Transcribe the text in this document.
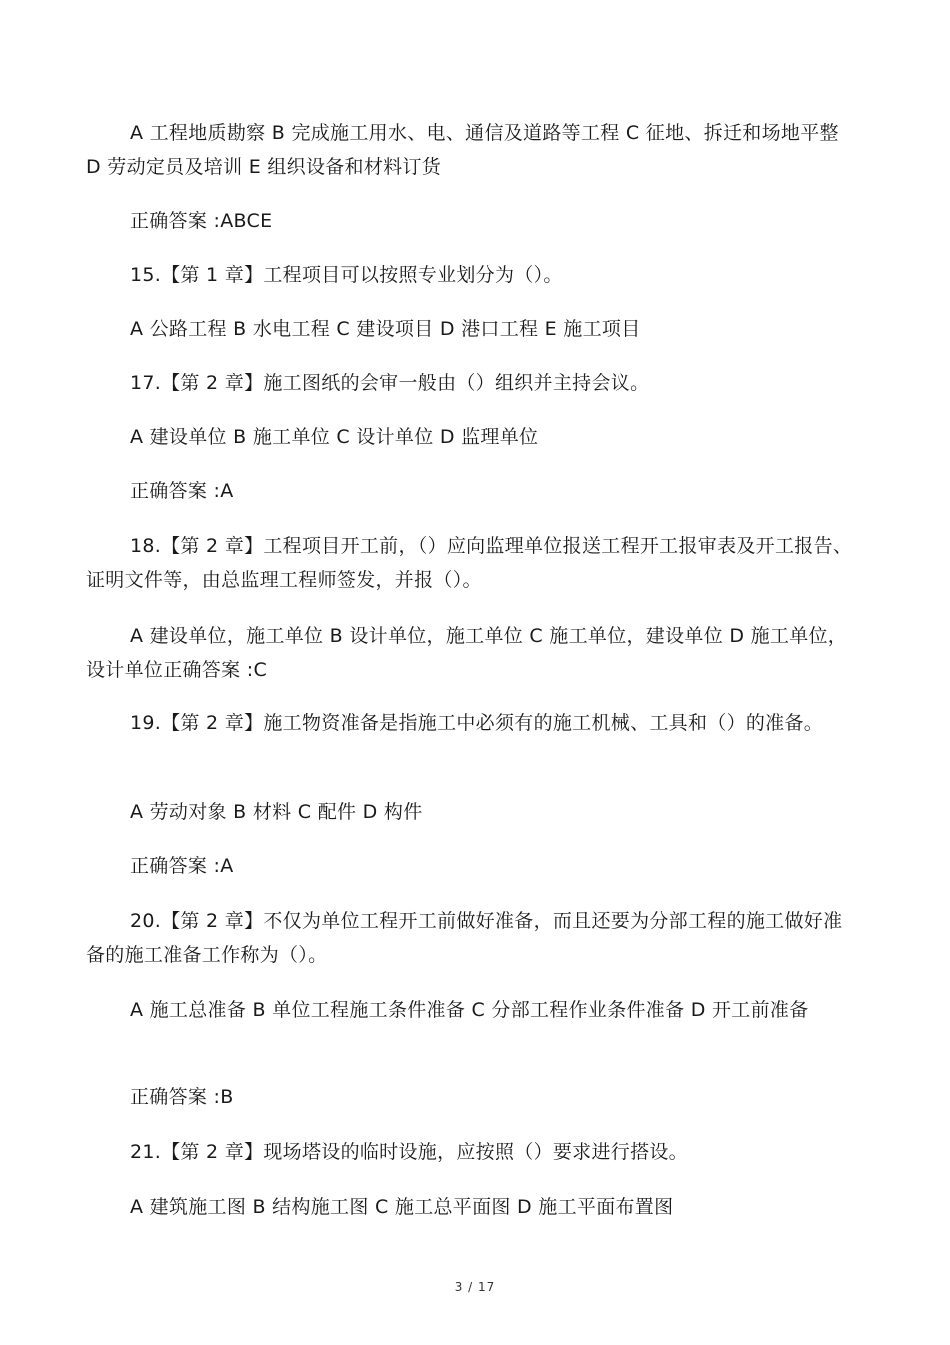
A 工程地质勘察 B 完成施工用水、电、通信及道路等工程 C 征地、拆迁和场地平整 D 劳动定员及培训 E 组织设备和材料订货
正确答案 :ABCE
15.【第 1 章】工程项目可以按照专业划分为（）。
A 公路工程 B 水电工程 C 建设项目 D 港口工程 E 施工项目
17.【第 2 章】施工图纸的会审一般由（）组织并主持会议。
A 建设单位 B 施工单位 C 设计单位 D 监理单位
正确答案 :A
18.【第 2 章】工程项目开工前，（）应向监理单位报送工程开工报审表及开工报告、证明文件等，由总监理工程师签发，并报（）。
A 建设单位，施工单位 B 设计单位，施工单位 C 施工单位，建设单位 D 施工单位，设计单位正确答案 :C
19.【第 2 章】施工物资准备是指施工中必须有的施工机械、工具和（）的准备。
A 劳动对象 B 材料 C 配件 D 构件
正确答案 :A
20.【第 2 章】不仅为单位工程开工前做好准备，而且还要为分部工程的施工做好准备的施工准备工作称为（）。
A 施工总准备 B 单位工程施工条件准备 C 分部工程作业条件准备 D 开工前准备
正确答案 :B
21.【第 2 章】现场塔设的临时设施，应按照（）要求进行搭设。
A 建筑施工图 B 结构施工图 C 施工总平面图 D 施工平面布置图
3 / 17
